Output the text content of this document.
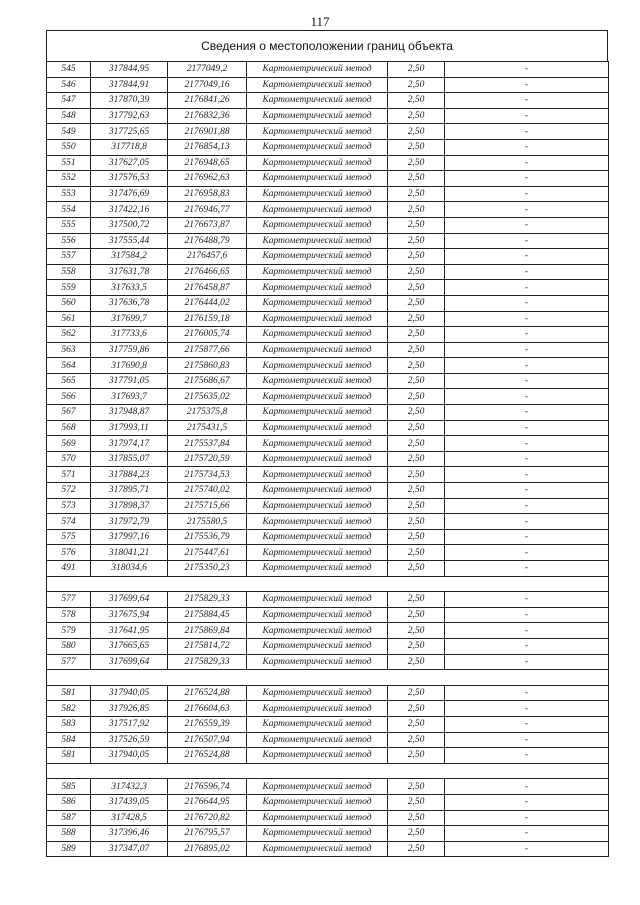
117
Сведения о местоположении границ объекта
545	317844,95	2177049,2	Картометрический метод	2,50	-
546	317844,91	2177049,16	Картометрический метод	2,50	-
547	317870,39	2176841,26	Картометрический метод	2,50	-
548	317792,63	2176832,36	Картометрический метод	2,50	-
549	317725,65	2176901,88	Картометрический метод	2,50	-
550	317718,8	2176854,13	Картометрический метод	2,50	-
551	317627,05	2176948,65	Картометрический метод	2,50	-
552	317576,53	2176962,63	Картометрический метод	2,50	-
553	317476,69	2176958,83	Картометрический метод	2,50	-
554	317422,16	2176946,77	Картометрический метод	2,50	-
555	317500,72	2176673,87	Картометрический метод	2,50	-
556	317555,44	2176488,79	Картометрический метод	2,50	-
557	317584,2	2176457,6	Картометрический метод	2,50	-
558	317631,78	2176466,65	Картометрический метод	2,50	-
559	317633,5	2176458,87	Картометрический метод	2,50	-
560	317636,78	2176444,02	Картометрический метод	2,50	-
561	317699,7	2176159,18	Картометрический метод	2,50	-
562	317733,6	2176005,74	Картометрический метод	2,50	-
563	317759,86	2175877,66	Картометрический метод	2,50	-
564	317690,8	2175860,83	Картометрический метод	2,50	-
565	317791,05	2175686,67	Картометрический метод	2,50	-
566	317693,7	2175635,02	Картометрический метод	2,50	-
567	317948,87	2175375,8	Картометрический метод	2,50	-
568	317993,11	2175431,5	Картометрический метод	2,50	-
569	317974,17	2175537,84	Картометрический метод	2,50	-
570	317855,07	2175720,59	Картометрический метод	2,50	-
571	317884,23	2175734,53	Картометрический метод	2,50	-
572	317895,71	2175740,02	Картометрический метод	2,50	-
573	317898,37	2175715,66	Картометрический метод	2,50	-
574	317972,79	2175580,5	Картометрический метод	2,50	-
575	317997,16	2175536,79	Картометрический метод	2,50	-
576	318041,21	2175447,61	Картометрический метод	2,50	-
491	318034,6	2175350,23	Картометрический метод	2,50	-

577	317699,64	2175829,33	Картометрический метод	2,50	-
578	317675,94	2175884,45	Картометрический метод	2,50	-
579	317641,95	2175869,84	Картометрический метод	2,50	-
580	317665,65	2175814,72	Картометрический метод	2,50	-
577	317699,64	2175829,33	Картометрический метод	2,50	-

581	317940,05	2176524,88	Картометрический метод	2,50	-
582	317926,85	2176604,63	Картометрический метод	2,50	-
583	317517,92	2176559,39	Картометрический метод	2,50	-
584	317526,59	2176507,94	Картометрический метод	2,50	-
581	317940,05	2176524,88	Картометрический метод	2,50	-

585	317432,3	2176596,74	Картометрический метод	2,50	-
586	317439,05	2176644,95	Картометрический метод	2,50	-
587	317428,5	2176720,82	Картометрический метод	2,50	-
588	317396,46	2176795,57	Картометрический метод	2,50	-
589	317347,07	2176895,02	Картометрический метод	2,50	-
